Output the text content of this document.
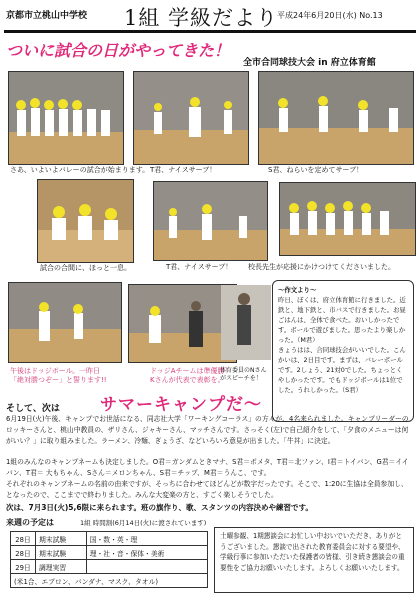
京都市立桃山中学校 1組 学級だより
平成24年6月20日(水) No.13
ついに試合の日がやってきた！
全市合同球技大会 in 府立体育館
さあ、いよいよバレーの試合が始まります。 T君、ナイスサーブ！	S君、ねらいを定めてサーブ！
試合の合間に、ほっと一息。	T君、ナイスサーブ！ 校長先生が応援にかけつけてくださいました。
午後はドッジボール。一昨日
「絶対勝つぞー」と誓ります!!
ドッジAチームは準優勝！
Kさんが代表で表彰を。
体育委員のNさんがスピーチを！
～作文より～
昨日、ぼくは、府立体育館に行きました。近鉄と、地下鉄と、市バスで行きました。お昼ごはんは、全体で食べた。おいしかったです。ボールで遊びました。思ったより楽しかった。（M君）
きょうはは、合同球技会がいいでした。こんかいは、2日目です。まずは、バレーボールです。2しょう、21対0でした。ちょっとくやしかったです。でもドッジボールは1位でした。うれしかった。（S君）
そして、次は サマーキャンプだ～
6月19日(火)午後、キャンプでお世話になる、同志社大学「ワーキングコーラス」の方々が、4名来られました。キャンプリーダーのロッキーさんと、桃山中教員の、ザリさん、ジャキーさん、マッチさんです。さっそく(左)で自己紹介をして、「夕食のメニューは何がいい？」に取り組みました。ラーメン、冷麺、ぎょうざ、などいろいろ意見が出ました。「牛丼」に決定。
1組のみんなのキャンプネームも決定しました。O君＝ガンダムときマナ、S君＝ポメタ、T君＝北ファン、I君＝トイバン、G君＝イイバン、T君＝ 大もちゃん、Sさん＝メロンちゃん、S君＝チップ、M君＝うんこ、です。
それぞれのキャンプネームの名前の由来ですが、そっちに合わせてほどんどが数字だったです。そこで、1:20に生協は全員参加し、となったので、ここまでで終わりました。みんな大変楽の方と、すごく楽しそうでした。
次は、7月3日(火)5,6限に来られます。班の旗作り、歌、スタンツの内容決めや練習です。
来週の予定は	1組 時間割(6月14日(火)に渡されています)
28日	期末試験	国・数・英・理
28日	期末試験	理・社・音・保体・美術
29日	調理実習	
(米1合、エプロン、バンダナ、マスク、タオル)		
土曜参観、1期懇談会にお忙しい中おいでいただき、ありがとうございました。懇談で出された教育委員会に対する要望や、学級行事に参加いただいた保護者の皆様、引き続き懇談会の重要性をご協力お願いいたします。よろしくお願いいたします。
